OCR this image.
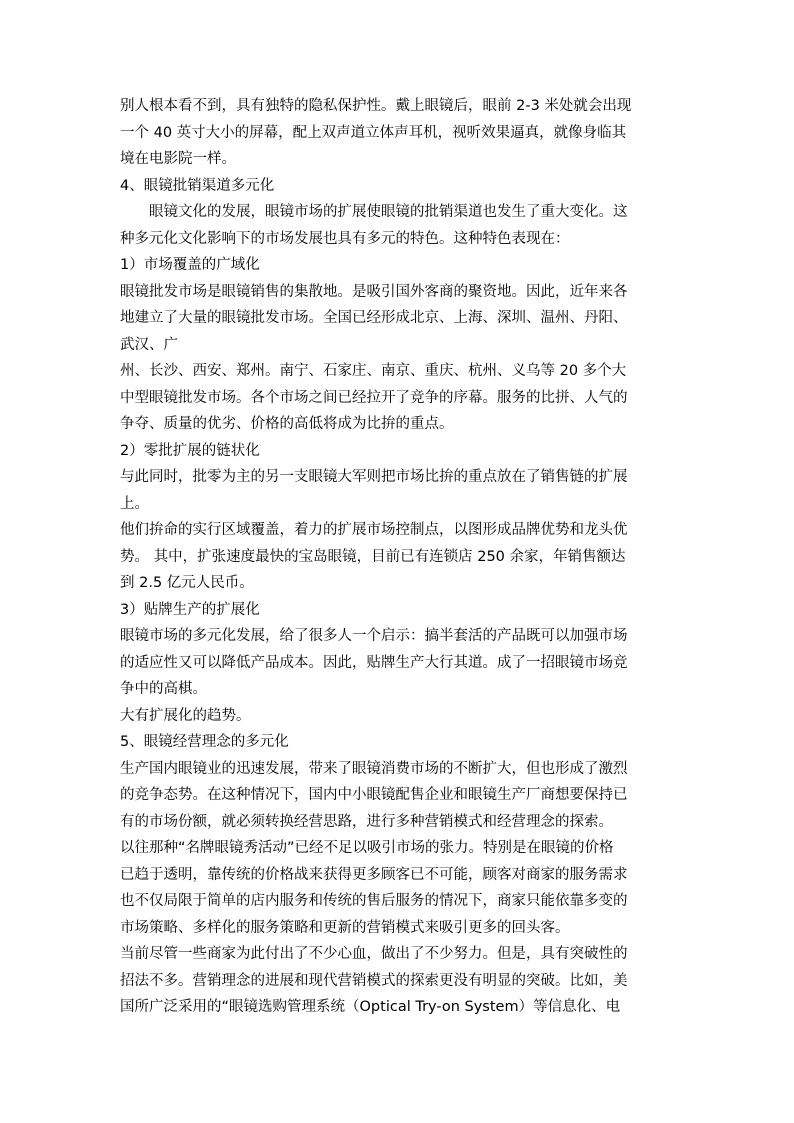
别人根本看不到，具有独特的隐私保护性。戴上眼镜后，眼前 2-3 米处就会出现
一个 40 英寸大小的屏幕，配上双声道立体声耳机，视听效果逼真，就像身临其
境在电影院一样。
4、眼镜批销渠道多元化
眼镜文化的发展，眼镜市场的扩展使眼镜的批销渠道也发生了重大变化。这
种多元化文化影响下的市场发展也具有多元的特色。这种特色表现在：
1）市场覆盖的广域化
眼镜批发市场是眼镜销售的集散地。是吸引国外客商的聚资地。因此，近年来各
地建立了大量的眼镜批发市场。全国已经形成北京、上海、深圳、温州、丹阳、
武汉、广
州、长沙、西安、郑州。南宁、石家庄、南京、重庆、杭州、义乌等 20 多个大
中型眼镜批发市场。各个市场之间已经拉开了竞争的序幕。服务的比拼、人气的
争夺、质量的优劣、价格的高低将成为比拚的重点。
2）零批扩展的链状化
与此同时，批零为主的另一支眼镜大军则把市场比拚的重点放在了销售链的扩展
上。
他们拚命的实行区域覆盖，着力的扩展市场控制点，以图形成品牌优势和龙头优
势。 其中，扩张速度最快的宝岛眼镜，目前已有连锁店 250 余家，年销售额达
到 2.5 亿元人民币。
3）贴牌生产的扩展化
眼镜市场的多元化发展，给了很多人一个启示：搞半套活的产品既可以加强市场
的适应性又可以降低产品成本。因此，贴牌生产大行其道。成了一招眼镜市场竞
争中的高棋。
大有扩展化的趋势。
5、眼镜经营理念的多元化
生产国内眼镜业的迅速发展，带来了眼镜消费市场的不断扩大，但也形成了激烈
的竞争态势。在这种情况下，国内中小眼镜配售企业和眼镜生产厂商想要保持已
有的市场份额，就必须转换经营思路，进行多种营销模式和经营理念的探索。
以往那种“名牌眼镜秀活动”已经不足以吸引市场的张力。特别是在眼镜的价格
已趋于透明，靠传统的价格战来获得更多顾客已不可能，顾客对商家的服务需求
也不仅局限于简单的店内服务和传统的售后服务的情况下，商家只能依靠多变的
市场策略、多样化的服务策略和更新的营销模式来吸引更多的回头客。
当前尽管一些商家为此付出了不少心血，做出了不少努力。但是，具有突破性的
招法不多。营销理念的进展和现代营销模式的探索更没有明显的突破。比如，美
国所广泛采用的“眼镜选购管理系统（Optical Try-on System）等信息化、电
